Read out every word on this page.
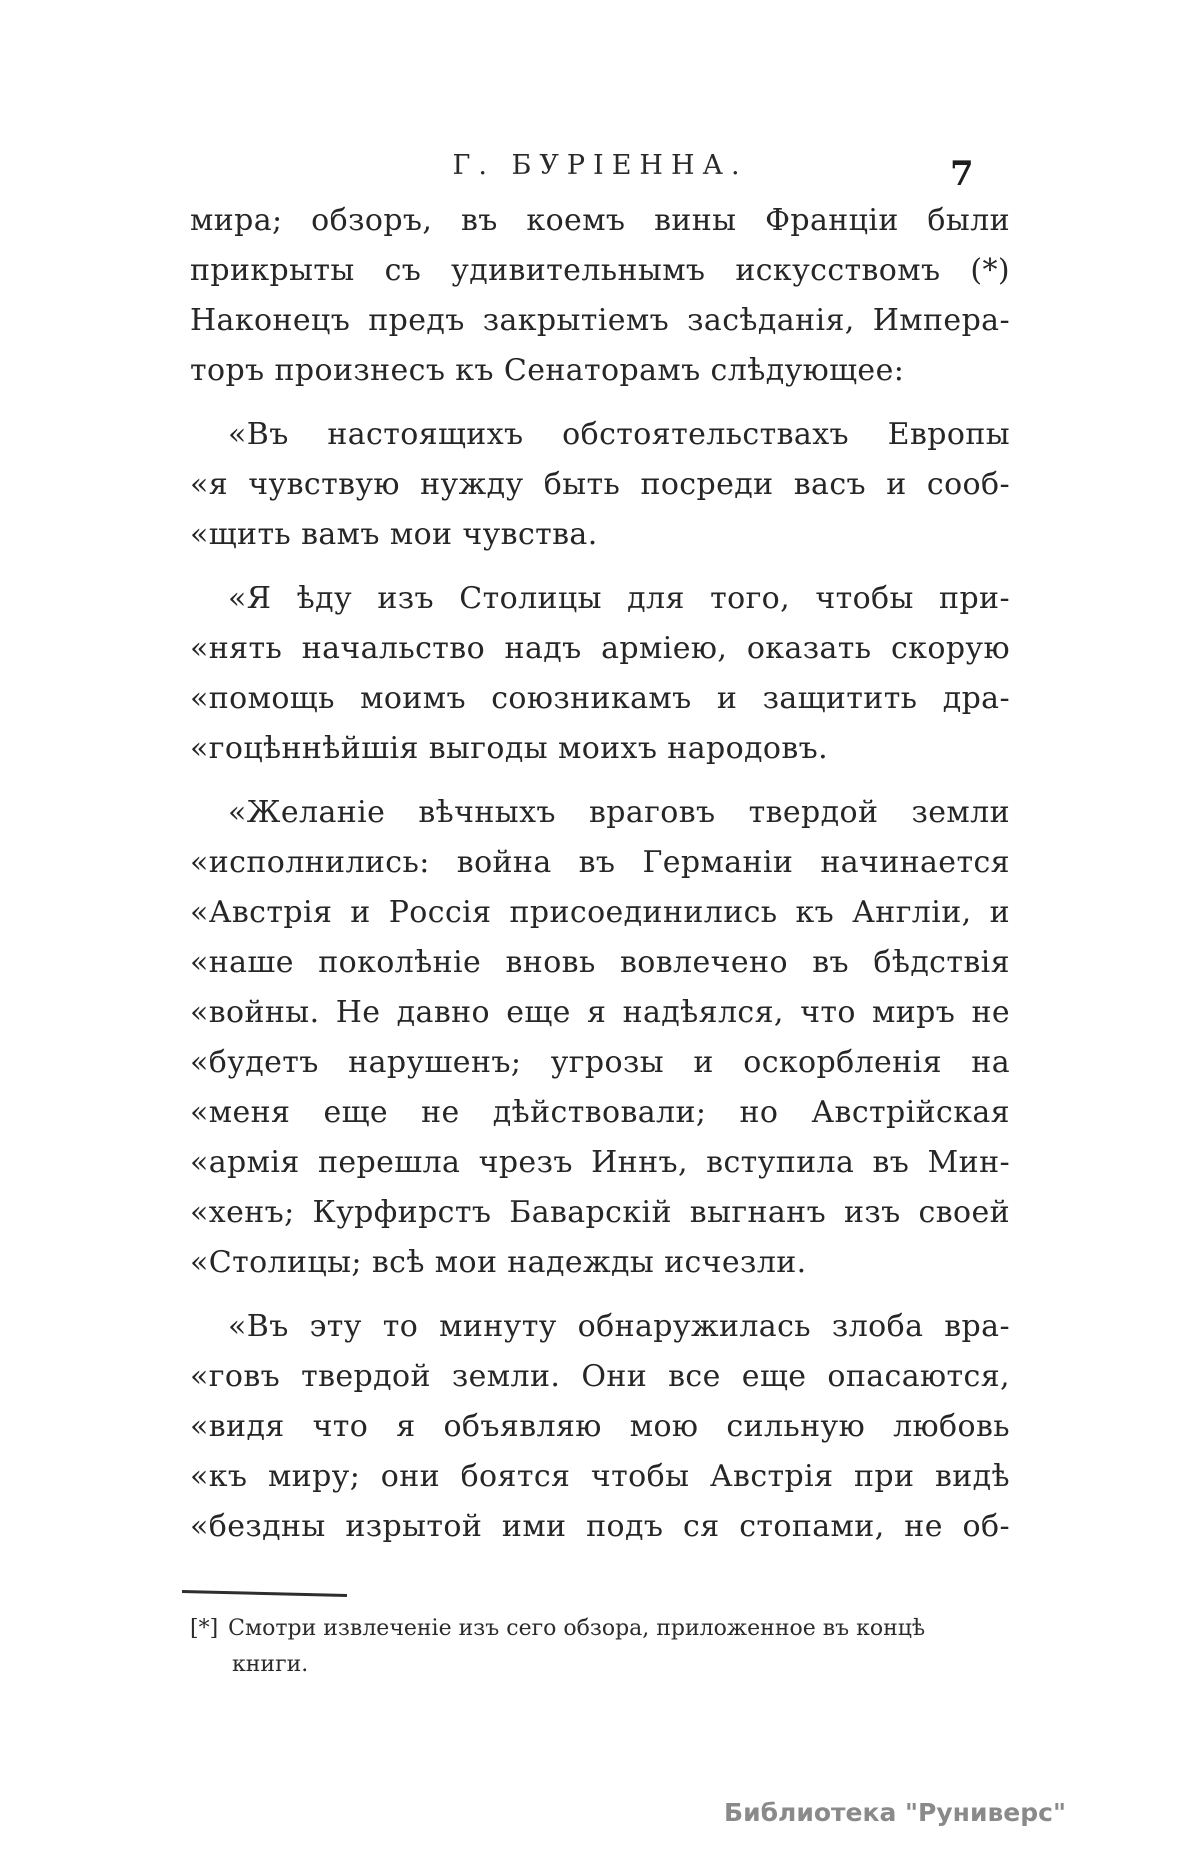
Г. БУРІЕННА.	7
мира; обзоръ, въ коемъ вины Франціи были
прикрыты съ удивительнымъ искусствомъ (*)
Наконецъ предъ закрытіемъ засѣданія, Импера-
торъ произнесъ къ Сенаторамъ слѣдующее:
«Въ настоящихъ обстоятельствахъ Европы
«я чувствую нужду быть посреди васъ и сооб-
«щить вамъ мои чувства.
«Я ѣду изъ Столицы для того, чтобы при-
«нять начальство надъ арміею, оказать скорую
«помощь моимъ союзникамъ и защитить дра-
«гоцѣннѣйшія выгоды моихъ народовъ.
«Желаніе вѣчныхъ враговъ твердой земли
«исполнились: война въ Германіи начинается
«Австрія и Россія присоединились къ Англіи, и
«наше поколѣніе вновь вовлечено въ бѣдствія
«войны. Не давно еще я надѣялся, что миръ не
«будетъ нарушенъ; угрозы и оскорбленія на
«меня еще не дѣйствовали; но Австрійская
«армія перешла чрезъ Иннъ, вступила въ Мин-
«хенъ; Курфирстъ Баварскій выгнанъ изъ своей
«Столицы; всѣ мои надежды исчезли.
«Въ эту то минуту обнаружилась злоба вра-
«говъ твердой земли. Они все еще опасаются,
«видя что я объявляю мою сильную любовь
«къ миру; они боятся чтобы Австрія при видѣ
«бездны изрытой ими подъ ся стопами, не об-
[*] Смотри извлеченіе изъ сего обзора, приложенное въ концѣ
книги.
Библиотека "Руниверс"
